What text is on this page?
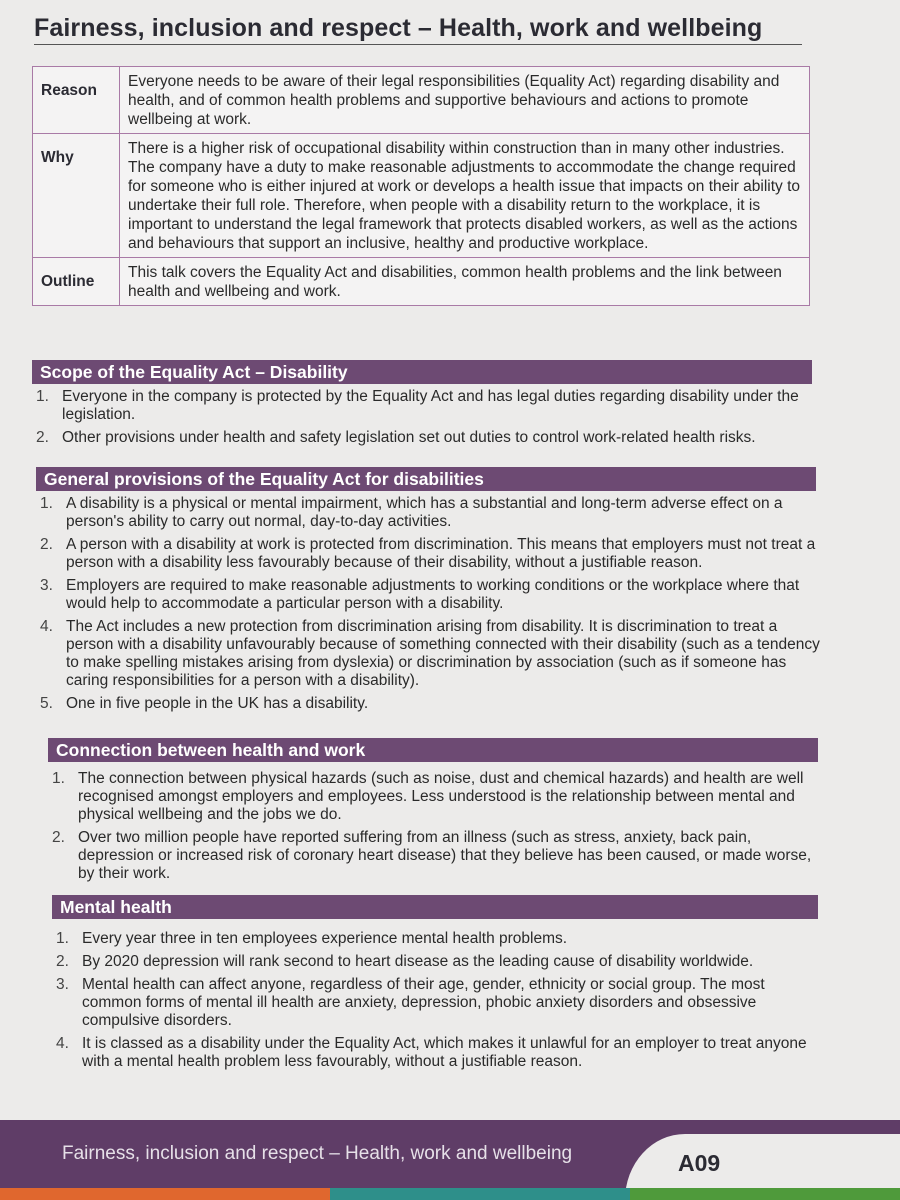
Fairness, inclusion and respect – Health, work and wellbeing
Reason	Everyone needs to be aware of their legal responsibilities (Equality Act) regarding disability and health, and of common health problems and supportive behaviours and actions to promote wellbeing at work.
Why	There is a higher risk of occupational disability within construction than in many other industries. The company have a duty to make reasonable adjustments to accommodate the change required for someone who is either injured at work or develops a health issue that impacts on their ability to undertake their full role. Therefore, when people with a disability return to the workplace, it is important to understand the legal framework that protects disabled workers, as well as the actions and behaviours that support an inclusive, healthy and productive workplace.
Outline	This talk covers the Equality Act and disabilities, common health problems and the link between health and wellbeing and work.
Scope of the Equality Act – Disability
1. Everyone in the company is protected by the Equality Act and has legal duties regarding disability under the legislation.
2. Other provisions under health and safety legislation set out duties to control work-related health risks.
General provisions of the Equality Act for disabilities
1. A disability is a physical or mental impairment, which has a substantial and long-term adverse effect on a person's ability to carry out normal, day-to-day activities.
2. A person with a disability at work is protected from discrimination. This means that employers must not treat a person with a disability less favourably because of their disability, without a justifiable reason.
3. Employers are required to make reasonable adjustments to working conditions or the workplace where that would help to accommodate a particular person with a disability.
4. The Act includes a new protection from discrimination arising from disability. It is discrimination to treat a person with a disability unfavourably because of something connected with their disability (such as a tendency to make spelling mistakes arising from dyslexia) or discrimination by association (such as if someone has caring responsibilities for a person with a disability).
5. One in five people in the UK has a disability.
Connection between health and work
1. The connection between physical hazards (such as noise, dust and chemical hazards) and health are well recognised amongst employers and employees. Less understood is the relationship between mental and physical wellbeing and the jobs we do.
2. Over two million people have reported suffering from an illness (such as stress, anxiety, back pain, depression or increased risk of coronary heart disease) that they believe has been caused, or made worse, by their work.
Mental health
1. Every year three in ten employees experience mental health problems.
2. By 2020 depression will rank second to heart disease as the leading cause of disability worldwide.
3. Mental health can affect anyone, regardless of their age, gender, ethnicity or social group. The most common forms of mental ill health are anxiety, depression, phobic anxiety disorders and obsessive compulsive disorders.
4. It is classed as a disability under the Equality Act, which makes it unlawful for an employer to treat anyone with a mental health problem less favourably, without a justifiable reason.
Fairness, inclusion and respect – Health, work and wellbeing	A09
